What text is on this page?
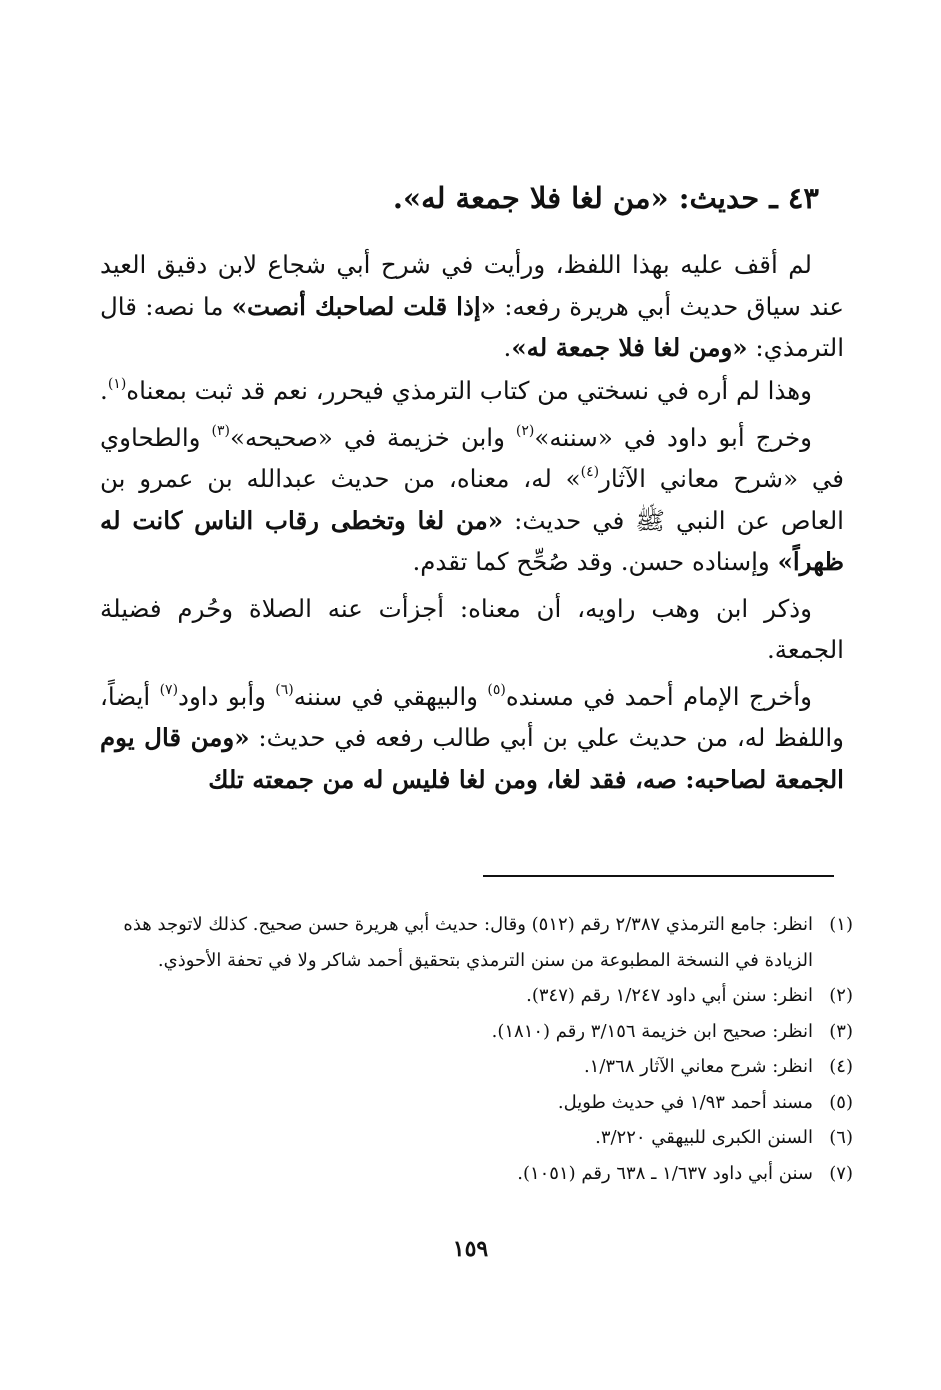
٤٣ ـ حديث: «من لغا فلا جمعة له».

لم أقف عليه بهذا اللفظ، ورأيت في شرح أبي شجاع لابن دقيق العيد عند سياق حديث أبي هريرة رفعه: «إذا قلت لصاحبك أنصت» ما نصه: قال الترمذي: «ومن لغا فلا جمعة له».

وهذا لم أره في نسختي من كتاب الترمذي فيحرر، نعم قد ثبت بمعناه$^{(١)}$.

وخرج أبو داود في «سننه»$^{(٢)}$ وابن خزيمة في «صحيحه»$^{(٣)}$ والطحاوي في «شرح معاني الآثار$^{(٤)}$» له، معناه، من حديث عبدالله بن عمرو بن العاص عن النبي ﷺ في حديث: «من لغا وتخطى رقاب الناس كانت له ظهراً» وإسناده حسن. وقد صُحِّح كما تقدم.

وذكر ابن وهب راويه، أن معناه: أجزأت عنه الصلاة وحُرم فضيلة الجمعة.

وأخرج الإمام أحمد في مسنده$^{(٥)}$ والبيهقي في سننه$^{(٦)}$ وأبو داود$^{(٧)}$ أيضاً، واللفظ له، من حديث علي بن أبي طالب رفعه في حديث: «ومن قال يوم الجمعة لصاحبه: صه، فقد لغا، ومن لغا فليس له من جمعته تلك

(١)
انظر: جامع الترمذي ٢/٣٨٧ رقم (٥١٢) وقال: حديث أبي هريرة حسن صحيح. كذلك لاتوجد هذه الزيادة في النسخة المطبوعة من سنن الترمذي بتحقيق أحمد شاكر ولا في تحفة الأحوذي.
(٢)
انظر: سنن أبي داود ١/٢٤٧ رقم (٣٤٧).
(٣)
انظر: صحيح ابن خزيمة ٣/١٥٦ رقم (١٨١٠).
(٤)
انظر: شرح معاني الآثار ١/٣٦٨.
(٥)
مسند أحمد ١/٩٣ في حديث طويل.
(٦)
السنن الكبرى للبيهقي ٣/٢٢٠.
(٧)
سنن أبي داود ١/٦٣٧ ـ ٦٣٨ رقم (١٠٥١).
١٥٩
